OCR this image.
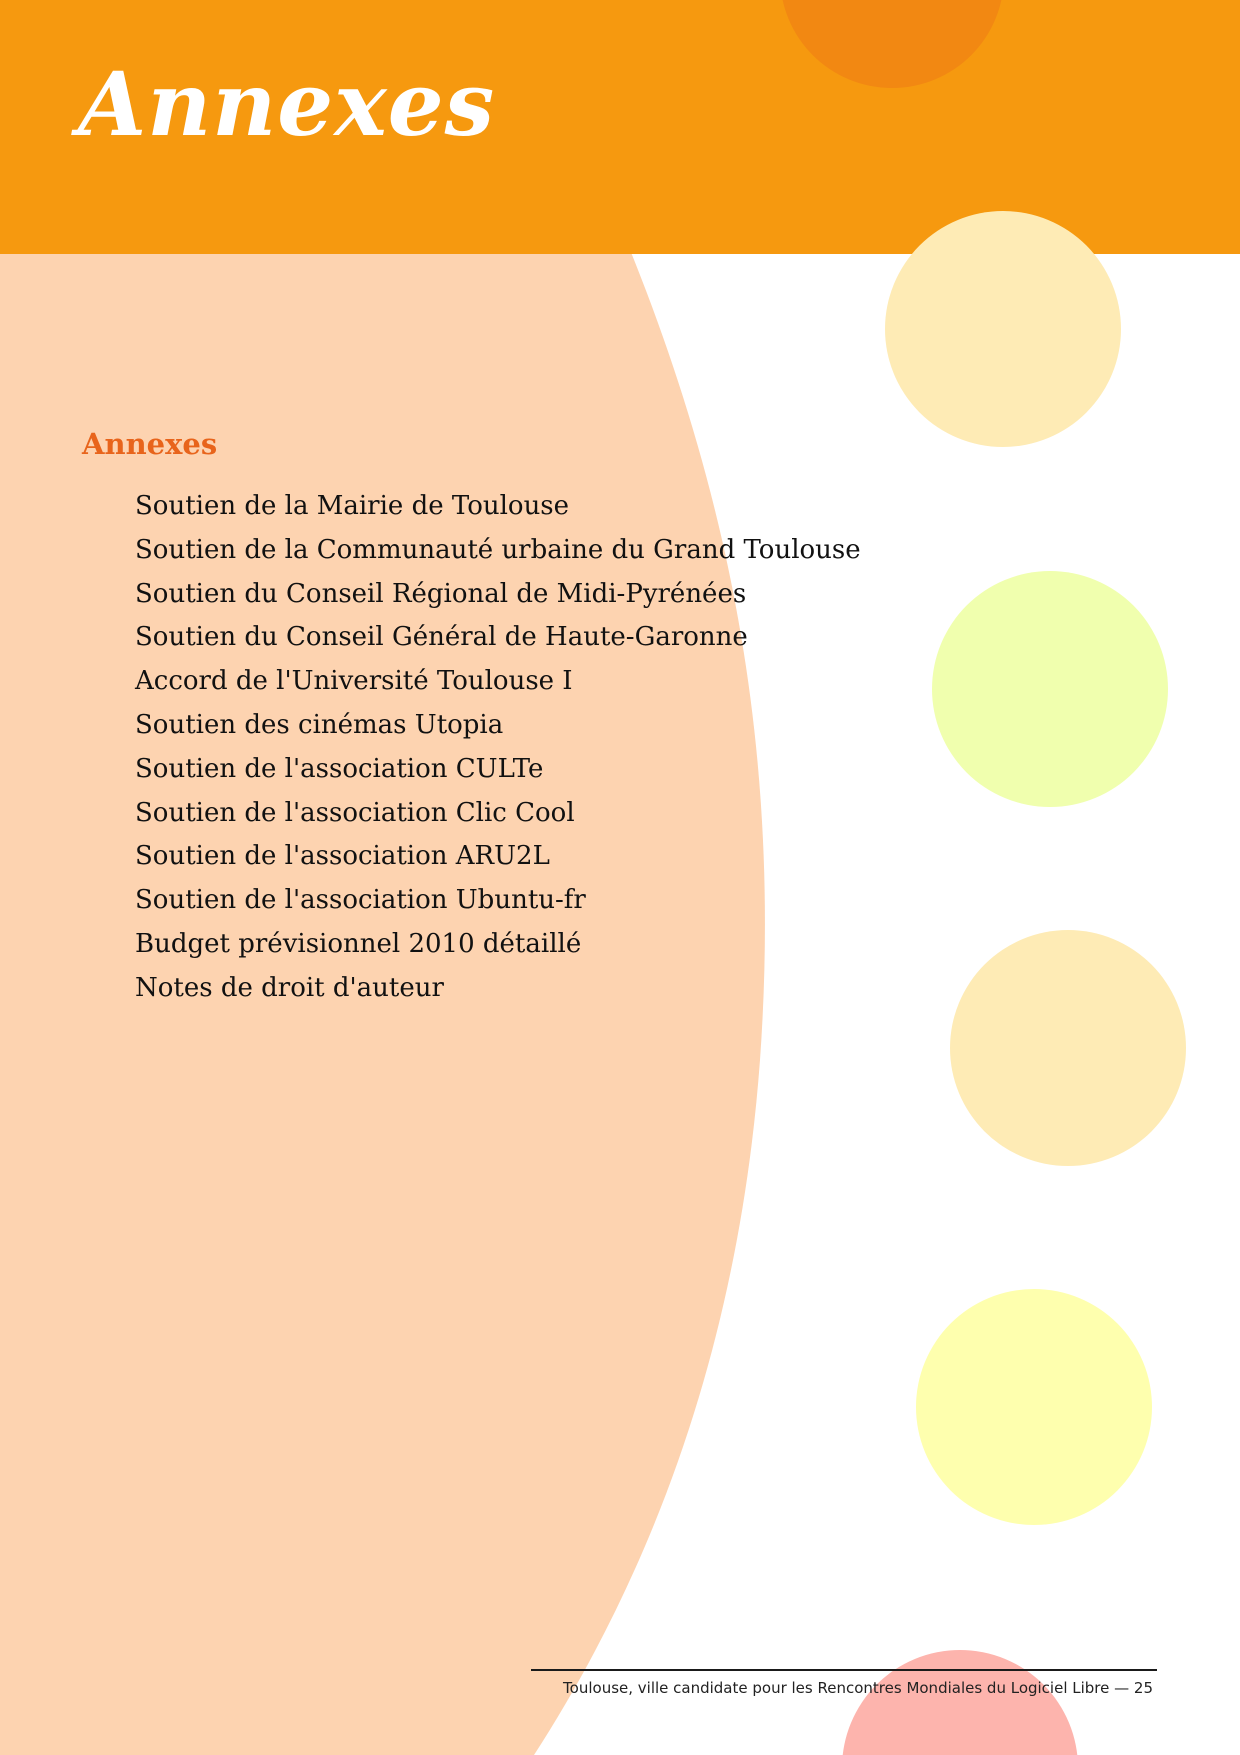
Annexes
Annexes
Soutien de la Mairie de Toulouse
Soutien de la Communauté urbaine du Grand Toulouse
Soutien du Conseil Régional de Midi-Pyrénées
Soutien du Conseil Général de Haute-Garonne
Accord de l'Université Toulouse I
Soutien des cinémas Utopia
Soutien de l'association CULTe
Soutien de l'association Clic Cool
Soutien de l'association ARU2L
Soutien de l'association Ubuntu-fr
Budget prévisionnel 2010 détaillé
Notes de droit d'auteur
Toulouse, ville candidate pour les Rencontres Mondiales du Logiciel Libre — 25
